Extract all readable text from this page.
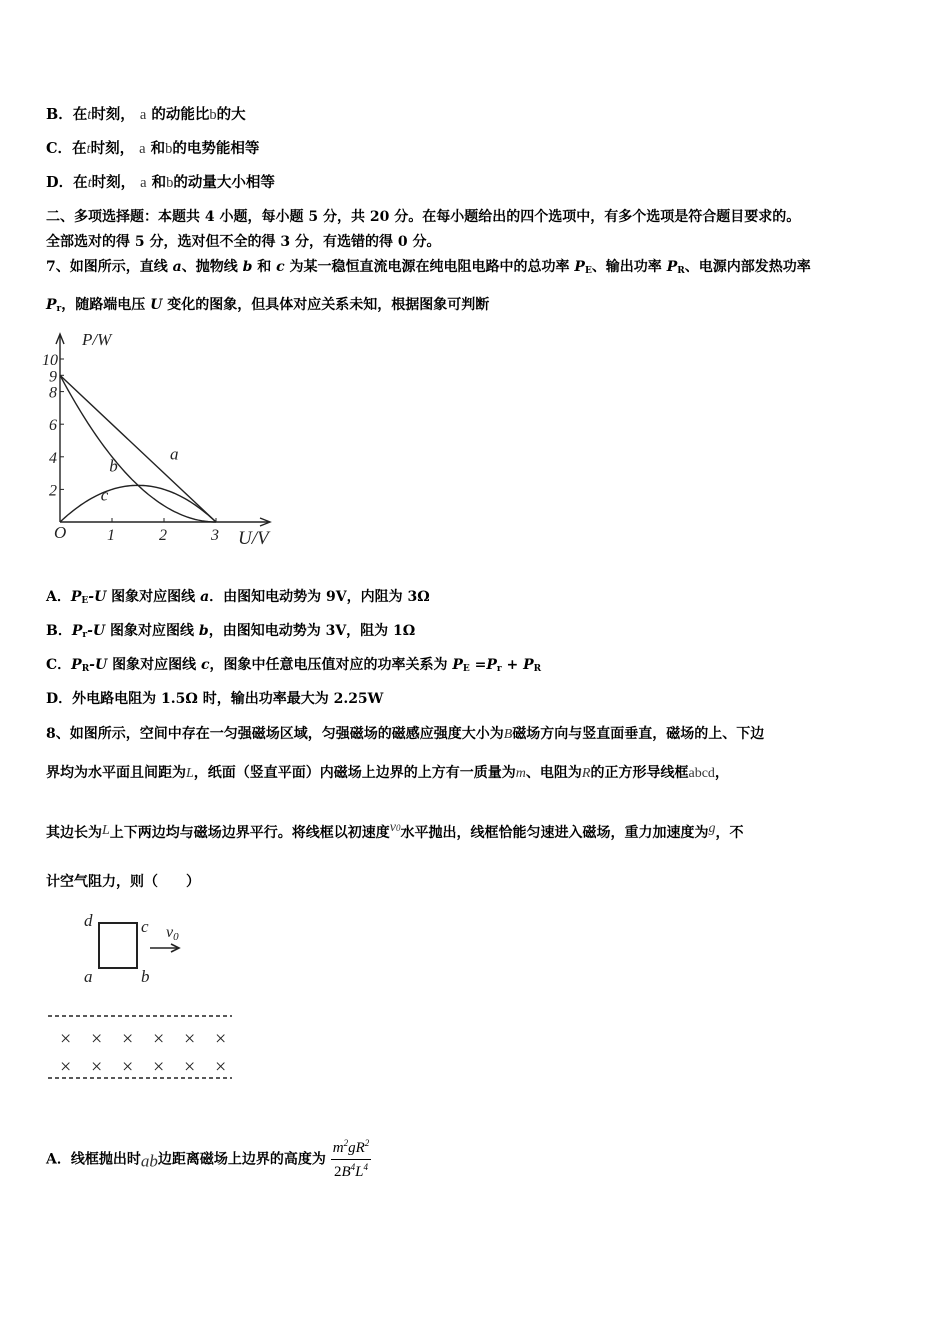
B．在t时刻， a 的动能比b的大
C．在t时刻， a 和b的电势能相等
D．在t时刻， a 和b的动量大小相等
二、多项选择题：本题共 4 小题，每小题 5 分，共 20 分。在每小题给出的四个选项中，有多个选项是符合题目要求的。
全部选对的得 5 分，选对但不全的得 3 分，有选错的得 0 分。
7、如图所示，直线 a、抛物线 b 和 c 为某一稳恒直流电源在纯电阻电路中的总功率 $P_E$、输出功率 $P_R$、电源内部发热功率
$P_r$，随路端电压 U 变化的图象，但具体对应关系未知，根据图象可判断
1	2	3
2
4
6
8
9
10
a
b
c
P/W
U/V
O
A．$P_E-U$ 图象对应图线 a．由图知电动势为 9V，内阻为 3Ω
B．$P_r-U$ 图象对应图线 b，由图知电动势为 3V，阻为 1Ω
C．$P_R-U$ 图象对应图线 c，图象中任意电压值对应的功率关系为 $P_E =P_r + P_R$
D．外电路电阻为 1.5Ω 时，输出功率最大为 2.25W
8、如图所示，空间中存在一匀强磁场区域，匀强磁场的磁感应强度大小为B磁场方向与竖直面垂直，磁场的上、下边
界均为水平面且间距为L，纸面（竖直平面）内磁场上边界的上方有一质量为m、电阻为R的正方形导线框abcd，
其边长为L上下两边均与磁场边界平行。将线框以初速度v0水平抛出，线框恰能匀速进入磁场，重力加速度为g，不
计空气阻力，则（　　）
d	c
a	b
v0
× × × × × ×
× × × × × ×
A．线框抛出时ab边距离磁场上边界的高度为 $\frac{m^2gR^2}{2B^4L^4}$
